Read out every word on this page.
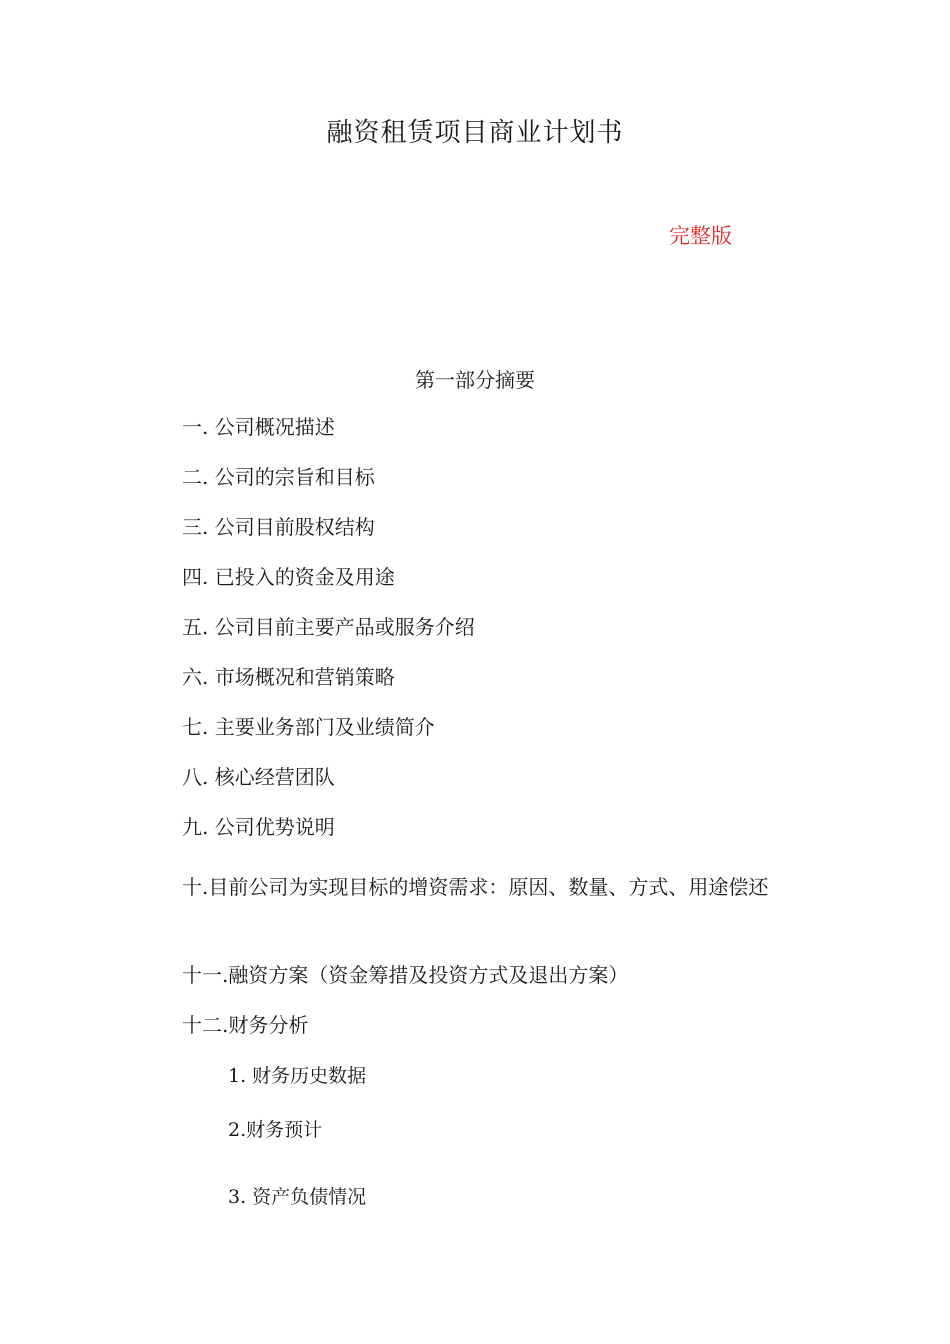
融资租赁项目商业计划书
完整版
第一部分摘要
一. 公司概况描述
二. 公司的宗旨和目标
三. 公司目前股权结构
四. 已投入的资金及用途
五. 公司目前主要产品或服务介绍
六. 市场概况和营销策略
七. 主要业务部门及业绩简介
八. 核心经营团队
九. 公司优势说明
十.目前公司为实现目标的增资需求：原因、数量、方式、用途偿还
十一.融资方案（资金筹措及投资方式及退出方案）
十二.财务分析
1. 财务历史数据
2.财务预计
3. 资产负债情况
